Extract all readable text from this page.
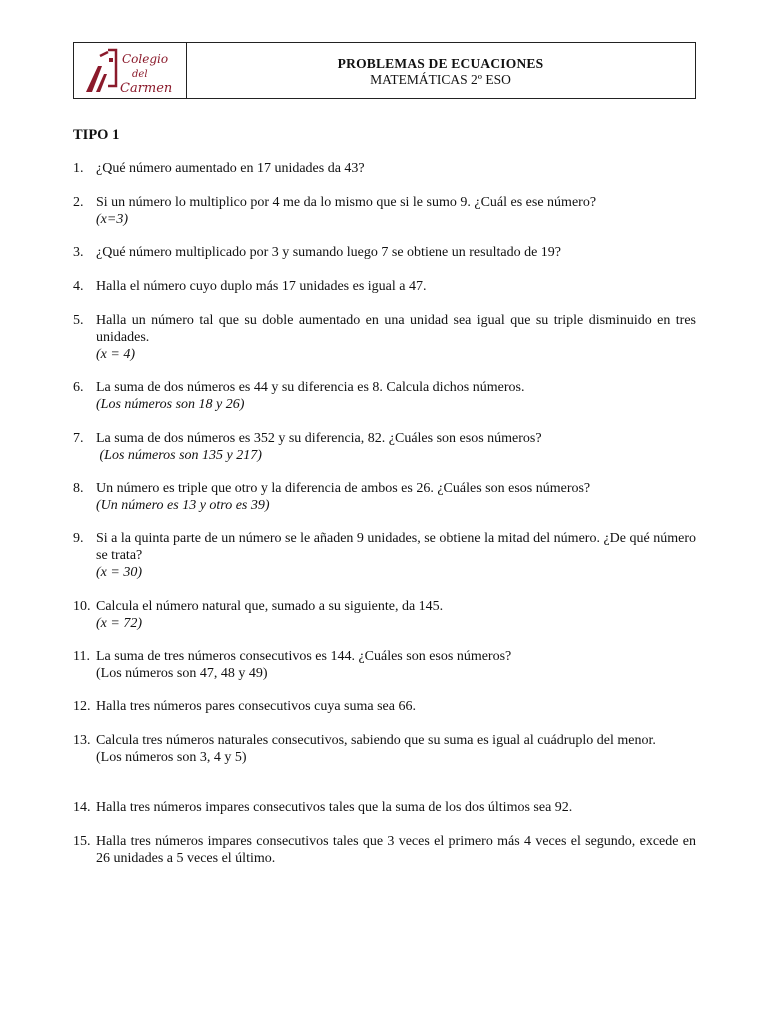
Colegio
del
Carmen
PROBLEMAS DE ECUACIONES
MATEMÁTICAS 2º ESO
TIPO 1
1. ¿Qué número aumentado en 17 unidades da 43?
2. Si un número lo multiplico por 4 me da lo mismo que si le sumo 9. ¿Cuál es ese número?
(x=3)
3. ¿Qué número multiplicado por 3 y sumando luego 7 se obtiene un resultado de 19?
4. Halla el número cuyo duplo más 17 unidades es igual a 47.
5. Halla un número tal que su doble aumentado en una unidad sea igual que su triple disminuido en tres unidades.
(x = 4)
6. La suma de dos números es 44 y su diferencia es 8. Calcula dichos números.
(Los números son 18 y 26)
7. La suma de dos números es 352 y su diferencia, 82. ¿Cuáles son esos números?
(Los números son 135 y 217)
8. Un número es triple que otro y la diferencia de ambos es 26. ¿Cuáles son esos números?
(Un número es 13 y otro es 39)
9. Si a la quinta parte de un número se le añaden 9 unidades, se obtiene la mitad del número. ¿De qué número se trata?
(x = 30)
10. Calcula el número natural que, sumado a su siguiente, da 145.
(x = 72)
11. La suma de tres números consecutivos es 144. ¿Cuáles son esos números?
(Los números son 47, 48 y 49)
12. Halla tres números pares consecutivos cuya suma sea 66.
13. Calcula tres números naturales consecutivos, sabiendo que su suma es igual al cuádruplo del menor.
(Los números son 3, 4 y 5)
14. Halla tres números impares consecutivos tales que la suma de los dos últimos sea 92.
15. Halla tres números impares consecutivos tales que 3 veces el primero más 4 veces el segundo, excede en 26 unidades a 5 veces el último.
